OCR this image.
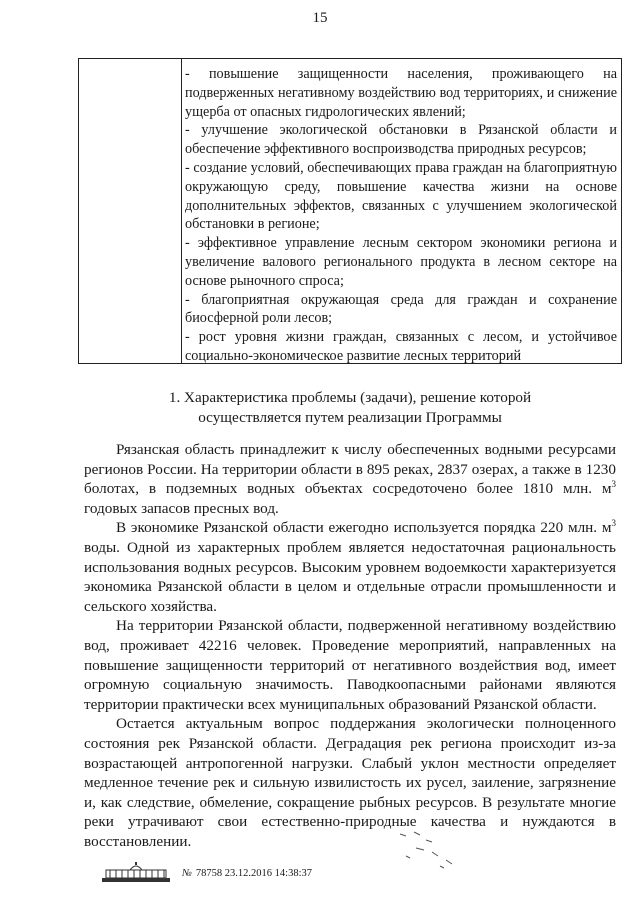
15

- повышение защищенности населения, проживающего на подверженных негативному воздействию вод территориях, и снижение ущерба от опасных гидрологических явлений;

- улучшение экологической обстановки в Рязанской области и обеспечение эффективного воспроизводства природных ресурсов;

- создание условий, обеспечивающих права граждан на благоприятную окружающую среду, повышение качества жизни на основе дополнительных эффектов, связанных с улучшением экологической обстановки в регионе;

- эффективное управление лесным сектором экономики региона и увеличение валового регионального продукта в лесном секторе на основе рыночного спроса;

- благоприятная окружающая среда для граждан и сохранение биосферной роли лесов;

- рост уровня жизни граждан, связанных с лесом, и устойчивое социально-экономическое развитие лесных территорий

1. Характеристика проблемы (задачи), решение которой

осуществляется путем реализации Программы

Рязанская область принадлежит к числу обеспеченных водными ресурсами регионов России. На территории области в 895 реках, 2837 озерах, а также в 1230 болотах, в подземных водных объектах сосредоточено более 1810 млн. $м^3$ годовых запасов пресных вод.

В экономике Рязанской области ежегодно используется порядка 220 млн. $м^3$ воды. Одной из характерных проблем является недостаточная рациональность использования водных ресурсов. Высоким уровнем водоемкости характеризуется экономика Рязанской области в целом и отдельные отрасли промышленности и сельского хозяйства.

На территории Рязанской области, подверженной негативному воздействию вод, проживает 42216 человек. Проведение мероприятий, направленных на повышение защищенности территорий от негативного воздействия вод, имеет огромную социальную значимость. Паводкоопасными районами являются территории практически всех муниципальных образований Рязанской области.

Остается актуальным вопрос поддержания экологически полноценного состояния рек Рязанской области. Деградация рек региона происходит из-за возрастающей антропогенной нагрузки. Слабый уклон местности определяет медленное течение рек и сильную извилистость их русел, заиление, загрязнение и, как следствие, обмеление, сокращение рыбных ресурсов. В результате многие реки утрачивают свои естественно-природные качества и нуждаются в восстановлении.

№ 78758 23.12.2016 14:38:37
